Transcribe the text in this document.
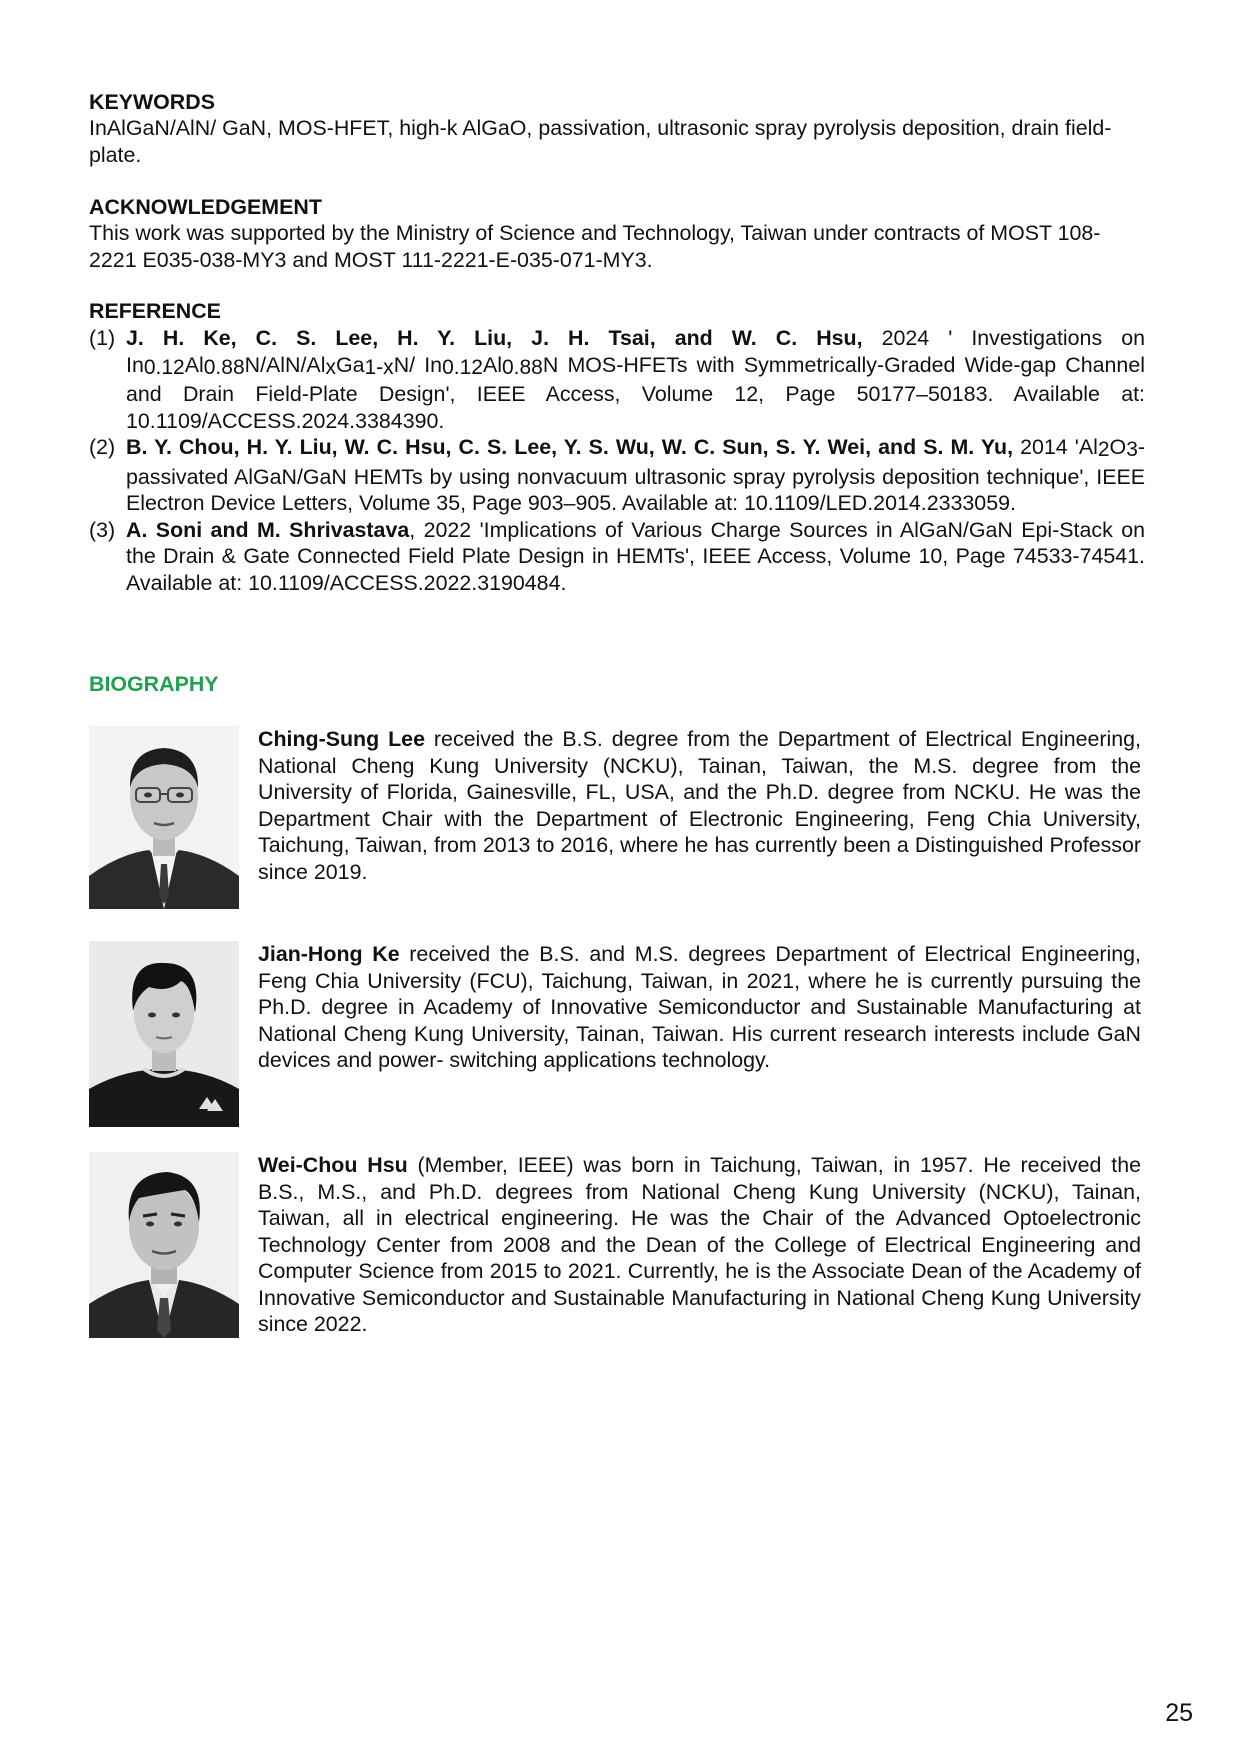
KEYWORDS
InAlGaN/AlN/ GaN, MOS-HFET, high-k AlGaO, passivation, ultrasonic spray pyrolysis deposition, drain field-plate.
ACKNOWLEDGEMENT
This work was supported by the Ministry of Science and Technology, Taiwan under contracts of MOST 108-2221 E035-038-MY3 and MOST 111-2221-E-035-071-MY3.
REFERENCE
(1) J. H. Ke, C. S. Lee, H. Y. Liu, J. H. Tsai, and W. C. Hsu, 2024 ' Investigations on $In_{0.12}Al_{0.88}N/AlN/Al_xGa_{1-x}N/$ $In_{0.12}Al_{0.88}N$ MOS-HFETs with Symmetrically-Graded Wide-gap Channel and Drain Field-Plate Design', IEEE Access, Volume 12, Page 50177–50183. Available at: 10.1109/ACCESS.2024.3384390.
(2) B. Y. Chou, H. Y. Liu, W. C. Hsu, C. S. Lee, Y. S. Wu, W. C. Sun, S. Y. Wei, and S. M. Yu, 2014 '$Al_2O_3$-passivated AlGaN/GaN HEMTs by using nonvacuum ultrasonic spray pyrolysis deposition technique', IEEE Electron Device Letters, Volume 35, Page 903–905. Available at: 10.1109/LED.2014.2333059.
(3) A. Soni and M. Shrivastava, 2022 'Implications of Various Charge Sources in AlGaN/GaN Epi-Stack on the Drain & Gate Connected Field Plate Design in HEMTs', IEEE Access, Volume 10, Page 74533-74541. Available at: 10.1109/ACCESS.2022.3190484.
BIOGRAPHY
Ching-Sung Lee received the B.S. degree from the Department of Electrical Engineering, National Cheng Kung University (NCKU), Tainan, Taiwan, the M.S. degree from the University of Florida, Gainesville, FL, USA, and the Ph.D. degree from NCKU. He was the Department Chair with the Department of Electronic Engineering, Feng Chia University, Taichung, Taiwan, from 2013 to 2016, where he has currently been a Distinguished Professor since 2019.
Jian-Hong Ke received the B.S. and M.S. degrees Department of Electrical Engineering, Feng Chia University (FCU), Taichung, Taiwan, in 2021, where he is currently pursuing the Ph.D. degree in Academy of Innovative Semiconductor and Sustainable Manufacturing at National Cheng Kung University, Tainan, Taiwan. His current research interests include GaN devices and power- switching applications technology.
Wei-Chou Hsu (Member, IEEE) was born in Taichung, Taiwan, in 1957. He received the B.S., M.S., and Ph.D. degrees from National Cheng Kung University (NCKU), Tainan, Taiwan, all in electrical engineering. He was the Chair of the Advanced Optoelectronic Technology Center from 2008 and the Dean of the College of Electrical Engineering and Computer Science from 2015 to 2021. Currently, he is the Associate Dean of the Academy of Innovative Semiconductor and Sustainable Manufacturing in National Cheng Kung University since 2022.
25
